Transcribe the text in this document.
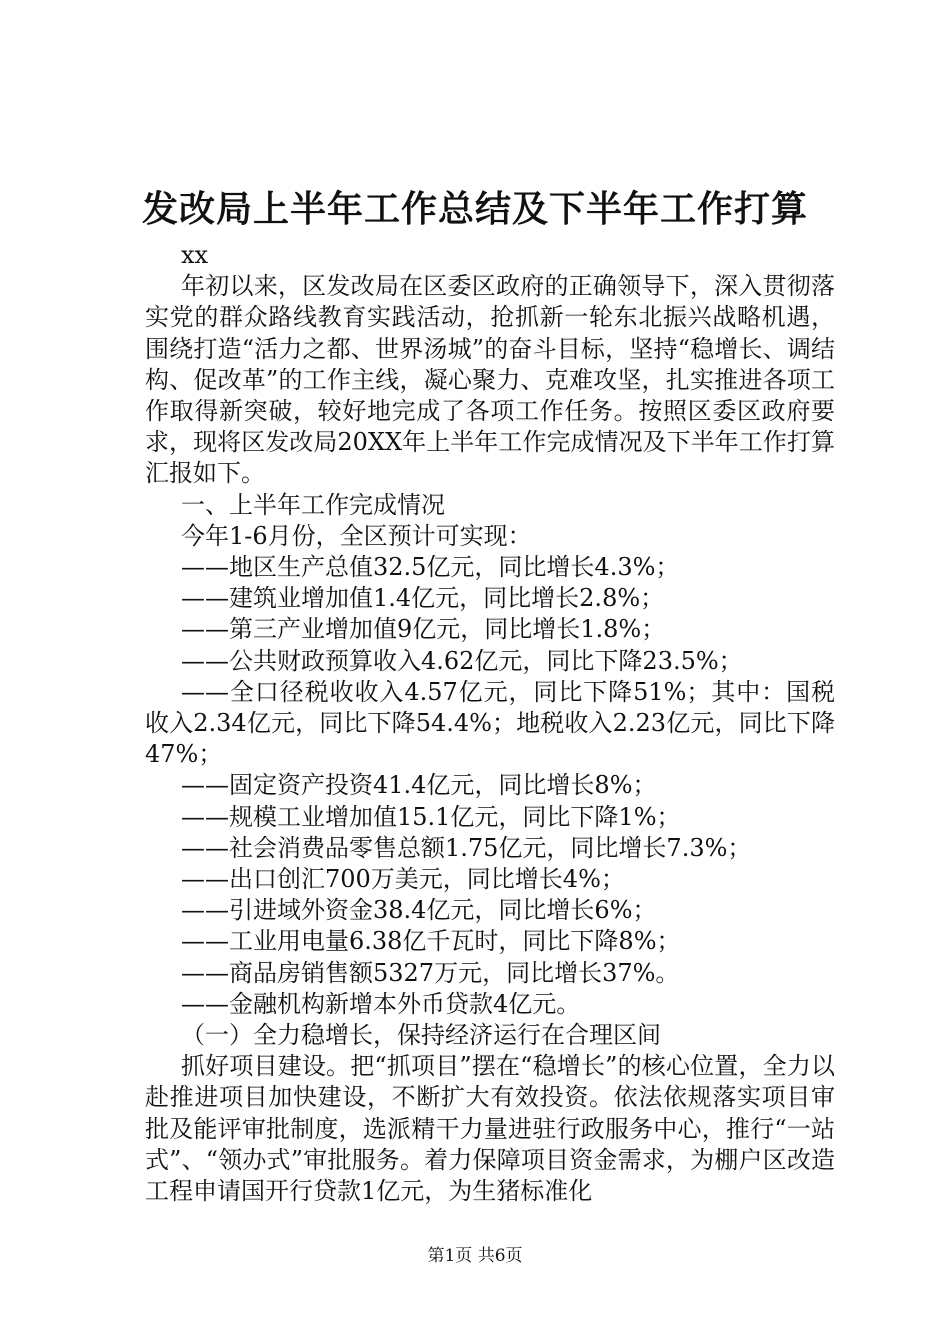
发改局上半年工作总结及下半年工作打算

xx

年初以来，区发改局在区委区政府的正确领导下，深入贯彻落实党的群众路线教育实践活动，抢抓新一轮东北振兴战略机遇，围绕打造“活力之都、世界汤城”的奋斗目标，坚持“稳增长、调结构、促改革”的工作主线，凝心聚力、克难攻坚，扎实推进各项工作取得新突破，较好地完成了各项工作任务。按照区委区政府要求，现将区发改局20XX年上半年工作完成情况及下半年工作打算汇报如下。

一、上半年工作完成情况

今年1-6月份，全区预计可实现：

——地区生产总值32.5亿元，同比增长4.3%；

——建筑业增加值1.4亿元，同比增长2.8%；

——第三产业增加值9亿元，同比增长1.8%；

——公共财政预算收入4.62亿元，同比下降23.5%；

——全口径税收收入4.57亿元，同比下降51%；其中：国税收入2.34亿元，同比下降54.4%；地税收入2.23亿元，同比下降47%；

——固定资产投资41.4亿元，同比增长8%；

——规模工业增加值15.1亿元，同比下降1%；

——社会消费品零售总额1.75亿元，同比增长7.3%；

——出口创汇700万美元，同比增长4%；

——引进域外资金38.4亿元，同比增长6%；

——工业用电量6.38亿千瓦时，同比下降8%；

——商品房销售额5327万元，同比增长37%。

——金融机构新增本外币贷款4亿元。

（一）全力稳增长，保持经济运行在合理区间

抓好项目建设。把“抓项目”摆在“稳增长”的核心位置，全力以赴推进项目加快建设，不断扩大有效投资。依法依规落实项目审批及能评审批制度，选派精干力量进驻行政服务中心，推行“一站式”、“领办式”审批服务。着力保障项目资金需求，为棚户区改造工程申请国开行贷款1亿元，为生猪标准化

第1页 共6页
